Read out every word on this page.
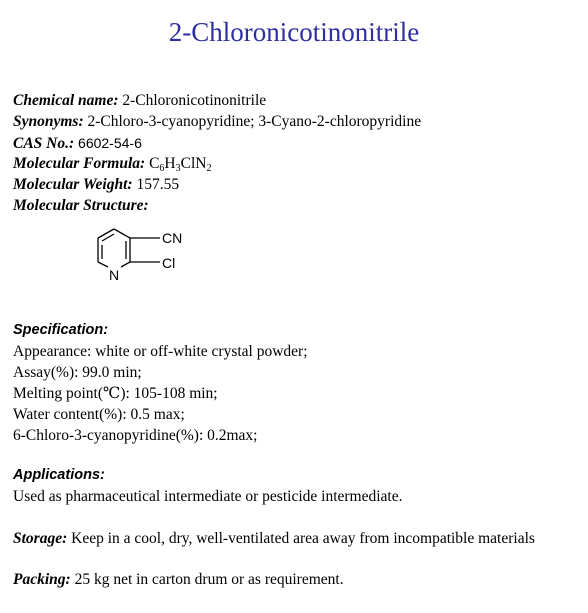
2-Chloronicotinonitrile
Chemical name: 2-Chloronicotinonitrile
Synonyms: 2-Chloro-3-cyanopyridine; 3-Cyano-2-chloropyridine
CAS No.: 6602-54-6
Molecular Formula: $C_6H_3ClN_2$
Molecular Weight: 157.55
Molecular Structure:
CN
Cl
N
Specification:
Appearance: white or off-white crystal powder;
Assay(%): 99.0 min;
Melting point(℃): 105-108 min;
Water content(%): 0.5 max;
6-Chloro-3-cyanopyridine(%): 0.2max;
Applications:
Used as pharmaceutical intermediate or pesticide intermediate.
Storage: Keep in a cool, dry, well-ventilated area away from incompatible materials
Packing: 25 kg net in carton drum or as requirement.
